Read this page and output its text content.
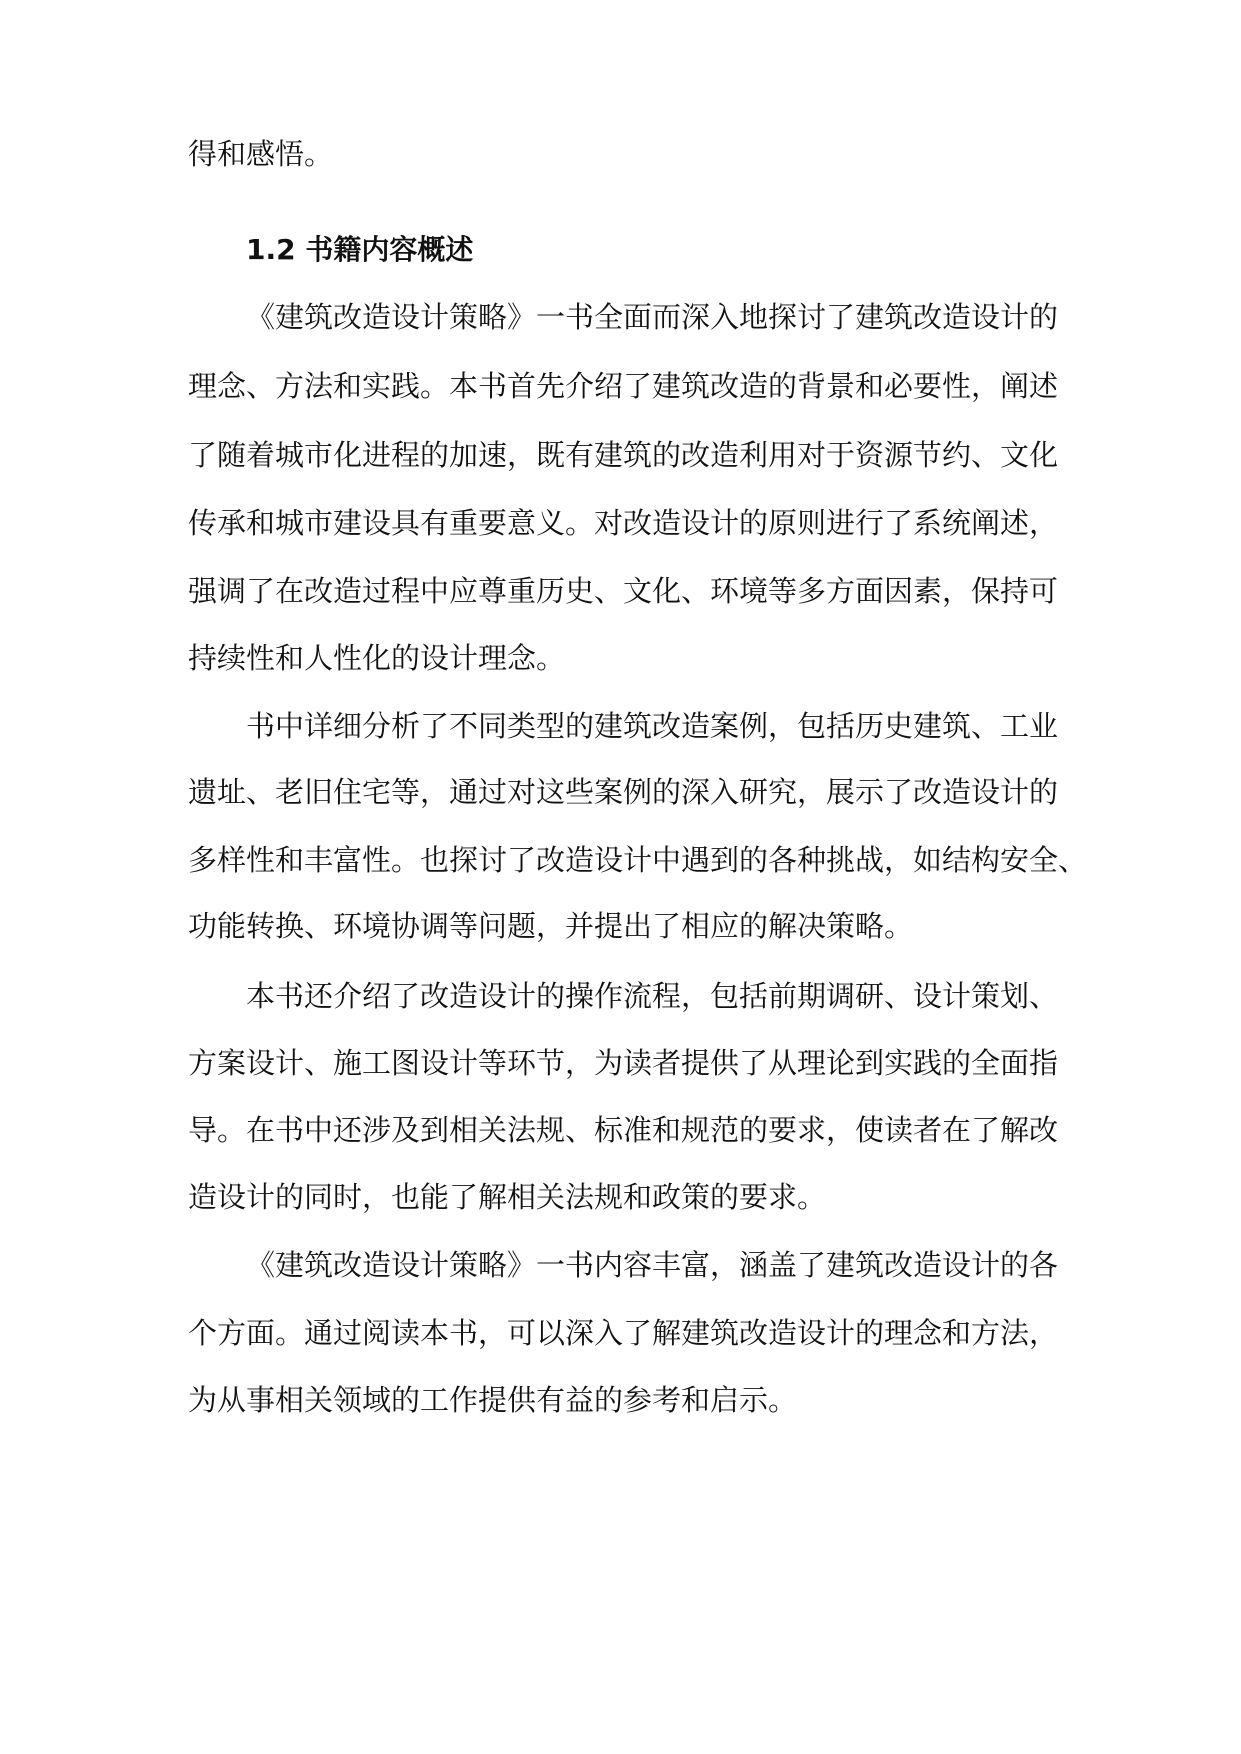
得和感悟。
1.2 书籍内容概述
《建筑改造设计策略》一书全面而深入地探讨了建筑改造设计的
理念、方法和实践。本书首先介绍了建筑改造的背景和必要性，阐述
了随着城市化进程的加速，既有建筑的改造利用对于资源节约、文化
传承和城市建设具有重要意义。对改造设计的原则进行了系统阐述，
强调了在改造过程中应尊重历史、文化、环境等多方面因素，保持可
持续性和人性化的设计理念。
书中详细分析了不同类型的建筑改造案例，包括历史建筑、工业
遗址、老旧住宅等，通过对这些案例的深入研究，展示了改造设计的
多样性和丰富性。也探讨了改造设计中遇到的各种挑战，如结构安全、
功能转换、环境协调等问题，并提出了相应的解决策略。
本书还介绍了改造设计的操作流程，包括前期调研、设计策划、
方案设计、施工图设计等环节，为读者提供了从理论到实践的全面指
导。在书中还涉及到相关法规、标准和规范的要求，使读者在了解改
造设计的同时，也能了解相关法规和政策的要求。
《建筑改造设计策略》一书内容丰富，涵盖了建筑改造设计的各
个方面。通过阅读本书，可以深入了解建筑改造设计的理念和方法，
为从事相关领域的工作提供有益的参考和启示。
